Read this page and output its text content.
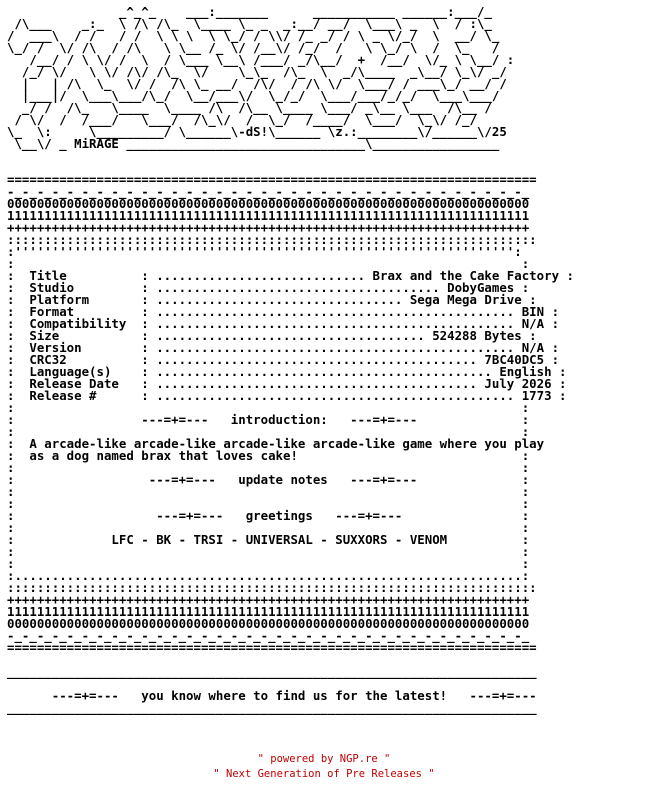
_^_^_    ___:_______      ___________ ______:___/_
/\___    _:_  \ /\ /\_  \____ \_ _  _:__/ __/  \___\ _  \  / :\_
/  ___\  / /   / /  \ \ \  \ \_/ / \\/ /_ _/ / \ _ \/_/  \  __/ \_
\_/ /  \/ /\  / /\   \ \__ /_ \/ /__\/ /_/  /   \ \_/ \  /  \_   /
/__/ / \ \/ /  \  / \___ \__\ /___/ _/\__/  +  /__/  \/_ \ \__/ :
/_/ \/   \ \/ /\/ /\_  \/    \_\_  /\_  \  _/\____  _\__/ \_\/ _/
|   | /\  \_  \/ /  /\ \_ __/  /\/  / /\ \/  \___/ / ___\_/ __/ /
|___|/  \___\___/\_/  \__/___\/  \_/_/  \___/___/_/_/  \___\___/
_/ /  /\_   \____  \____ /\  /\__ \____ \___/ _\__ \___  /\__ /
/ \/  /  /___/   \___/  /\_\/  /  \_/  /____/  \___/  \_\/ /_/
\_  \:     \_________/ \______\-dS!\______ \z.:________\/______\/25
\__\/ _ MiRAGE ________________________________\_________________
=======================================================================
-_-_-_-_-_-_-_-_-_-_-_-_-_-_-_-_-_-_-_-_-_-_-_-_-_-_-_-_-_-_-_-_-_-_-_
0000000000000000000000000000000000000000000000000000000000000000000000
1111111111111111111111111111111111111111111111111111111111111111111111
++++++++++++++++++++++++++++++++++++++++++++++++++++++++++++++++++++++
:::::::::::::::::::::::::::::::::::::::::::::::::::::::::::::::::::::::
:''''''''''''''''''''''''''''''''''''''''''''''''''''''''''''''''''':
:                                                                    :
:  Title          : ............................ Brax and the Cake Factory :
:  Studio         : ...................................... DobyGames :
:  Platform       : ................................. Sega Mega Drive :
:  Format         : ................................................ BIN :
:  Compatibility  : ................................................ N/A :
:  Size           : .................................... 524288 Bytes :
:  Version        : ................................................ N/A :
:  CRC32          : ........................................... 7BC40DC5 :
:  Language(s)    : ............................................. English :
:  Release Date   : ........................................... July 2026 :
:  Release #      : ................................................ 1773 :
:                                                                    :
:                 ---=+=---   introduction:   ---=+=---              :
:                                                                    :
:  A arcade-like arcade-like arcade-like arcade-like game where you play
:  as a dog named brax that loves cake!                              :
:                                                                    :
:                  ---=+=---   update notes   ---=+=---              :
:                                                                    :
:                                                                    :
:                   ---=+=---   greetings   ---=+=---                :
:                                                                    :
:             LFC - BK - TRSI - UNIVERSAL - SUXXORS - VENOM          :
:                                                                    :
:                                                                    :
:....................................................................:
:::::::::::::::::::::::::::::::::::::::::::::::::::::::::::::::::::::::
++++++++++++++++++++++++++++++++++++++++++++++++++++++++++++++++++++++
1111111111111111111111111111111111111111111111111111111111111111111111
0000000000000000000000000000000000000000000000000000000000000000000000
-_-_-_-_-_-_-_-_-_-_-_-_-_-_-_-_-_-_-_-_-_-_-_-_-_-_-_-_-_-_-_-_-_-_-_
=======================================================================
_______________________________________________________________________
---=+=---   you know where to find us for the latest!   ---=+=---
_______________________________________________________________________
" powered by NGP.re "
" Next Generation of Pre Releases "
